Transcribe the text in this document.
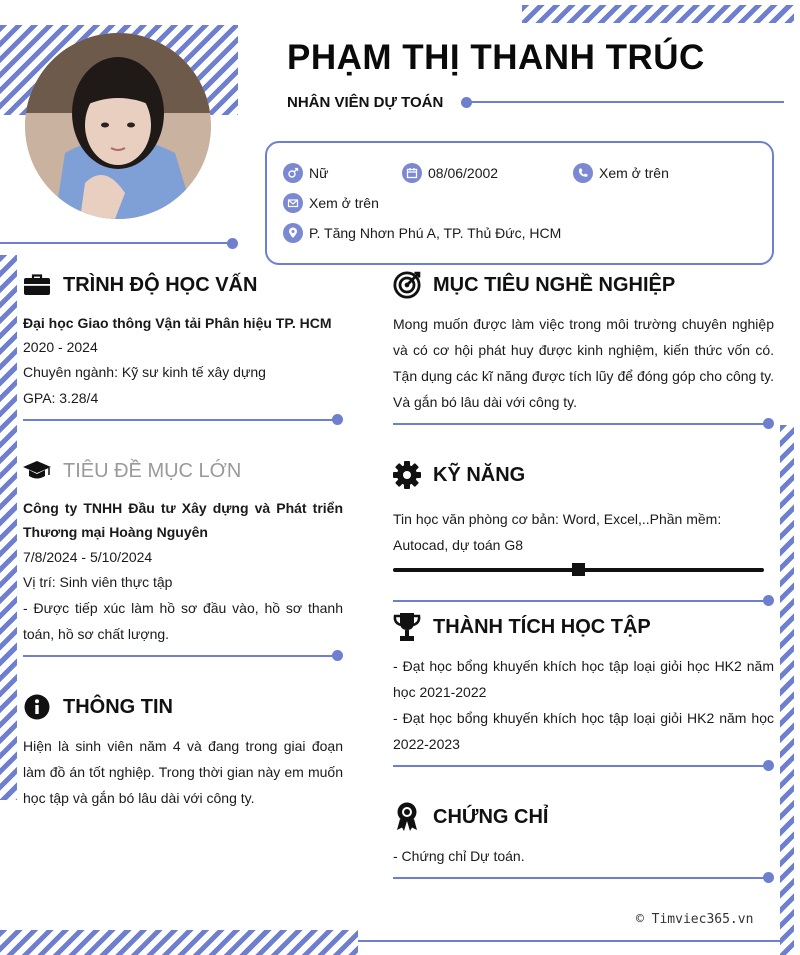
PHẠM THỊ THANH TRÚC
NHÂN VIÊN DỰ TOÁN
Nữ	08/06/2002	Xem ở trên
Xem ở trên
P. Tăng Nhơn Phú A, TP. Thủ Đức, HCM
TRÌNH ĐỘ HỌC VẤN
Đại học Giao thông Vận tải Phân hiệu TP. HCM
2020 - 2024
Chuyên ngành: Kỹ sư kinh tế xây dựng
GPA: 3.28/4
TIÊU ĐỀ MỤC LỚN
Công ty TNHH Đầu tư Xây dựng và Phát triển Thương mại Hoàng Nguyên
7/8/2024 - 5/10/2024
Vị trí: Sinh viên thực tập
- Được tiếp xúc làm hồ sơ đầu vào, hồ sơ thanh toán, hồ sơ chất lượng.
THÔNG TIN
Hiện là sinh viên năm 4 và đang trong giai đoạn làm đồ án tốt nghiệp. Trong thời gian này em muốn học tập và gắn bó lâu dài với công ty.
MỤC TIÊU NGHỀ NGHIỆP
Mong muốn được làm việc trong môi trường chuyên nghiệp và có cơ hội phát huy được kinh nghiệm, kiến thức vốn có. Tận dụng các kĩ năng được tích lũy để đóng góp cho công ty. Và gắn bó lâu dài với công ty.
KỸ NĂNG
Tin học văn phòng cơ bản: Word, Excel,..Phần mềm: Autocad, dự toán G8
THÀNH TÍCH HỌC TẬP
- Đạt học bổng khuyến khích học tập loại giỏi học HK2 năm học 2021-2022
- Đạt học bổng khuyến khích học tập loại giỏi HK2 năm học 2022-2023
CHỨNG CHỈ
- Chứng chỉ Dự toán.
© Timviec365.vn
